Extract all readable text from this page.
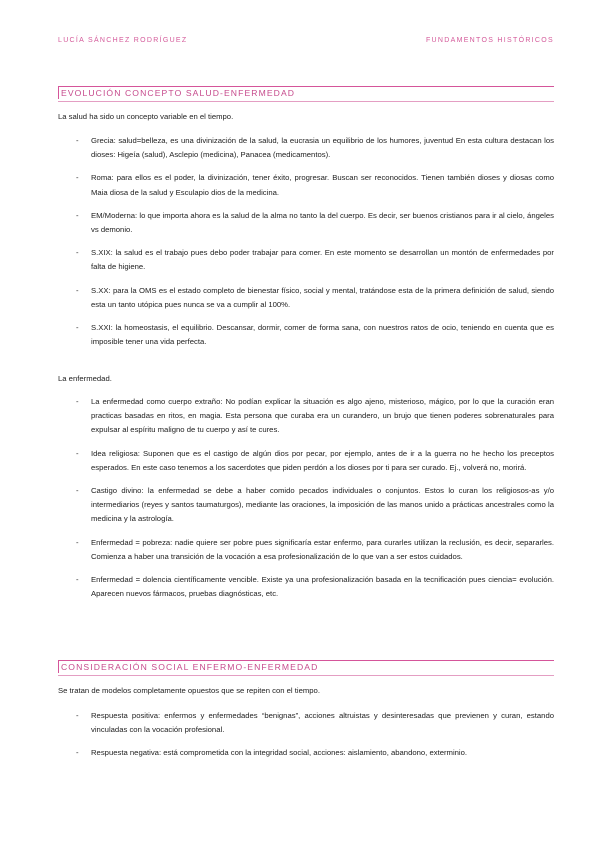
LUCÍA SÁNCHEZ RODRÍGUEZ	FUNDAMENTOS HISTÓRICOS
EVOLUCIÓN CONCEPTO SALUD-ENFERMEDAD
La salud ha sido un concepto variable en el tiempo.
- Grecia: salud=belleza, es una divinización de la salud, la eucrasia un equilibrio de los humores, juventud En esta cultura destacan los dioses: Higeía (salud), Asclepio (medicina), Panacea (medicamentos).
- Roma: para ellos es el poder, la divinización, tener éxito, progresar. Buscan ser reconocidos. Tienen también dioses y diosas como Maia diosa de la salud y Esculapio dios de la medicina.
- EM/Moderna: lo que importa ahora es la salud de la alma no tanto la del cuerpo. Es decir, ser buenos cristianos para ir al cielo, ángeles vs demonio.
- S.XIX: la salud es el trabajo pues debo poder trabajar para comer. En este momento se desarrollan un montón de enfermedades por falta de higiene.
- S.XX: para la OMS es el estado completo de bienestar físico, social y mental, tratándose esta de la primera definición de salud, siendo esta un tanto utópica pues nunca se va a cumplir al 100%.
- S.XXI: la homeostasis, el equilibrio. Descansar, dormir, comer de forma sana, con nuestros ratos de ocio, teniendo en cuenta que es imposible tener una vida perfecta.
La enfermedad.
- La enfermedad como cuerpo extraño: No podían explicar la situación es algo ajeno, misterioso, mágico, por lo que la curación eran practicas basadas en ritos, en magia. Esta persona que curaba era un curandero, un brujo que tienen poderes sobrenaturales para expulsar al espíritu maligno de tu cuerpo y así te cures.
- Idea religiosa: Suponen que es el castigo de algún dios por pecar, por ejemplo, antes de ir a la guerra no he hecho los preceptos esperados. En este caso tenemos a los sacerdotes que piden perdón a los dioses por ti para ser curado. Ej., volverá no, morirá.
- Castigo divino: la enfermedad se debe a haber comido pecados individuales o conjuntos. Estos lo curan los religiosos-as y/o intermediarios (reyes y santos taumaturgos), mediante las oraciones, la imposición de las manos unido a prácticas ancestrales como la medicina y la astrología.
- Enfermedad = pobreza: nadie quiere ser pobre pues significaría estar enfermo, para curarles utilizan la reclusión, es decir, separarles. Comienza a haber una transición de la vocación a esa profesionalización de lo que van a ser estos cuidados.
- Enfermedad = dolencia científicamente vencible. Existe ya una profesionalización basada en la tecnificación pues ciencia= evolución. Aparecen nuevos fármacos, pruebas diagnósticas, etc.
CONSIDERACIÓN SOCIAL ENFERMO-ENFERMEDAD
Se tratan de modelos completamente opuestos que se repiten con el tiempo.
- Respuesta positiva: enfermos y enfermedades “benignas”, acciones altruistas y desinteresadas que previenen y curan, estando vinculadas con la vocación profesional.
- Respuesta negativa: está comprometida con la integridad social, acciones: aislamiento, abandono, exterminio.
